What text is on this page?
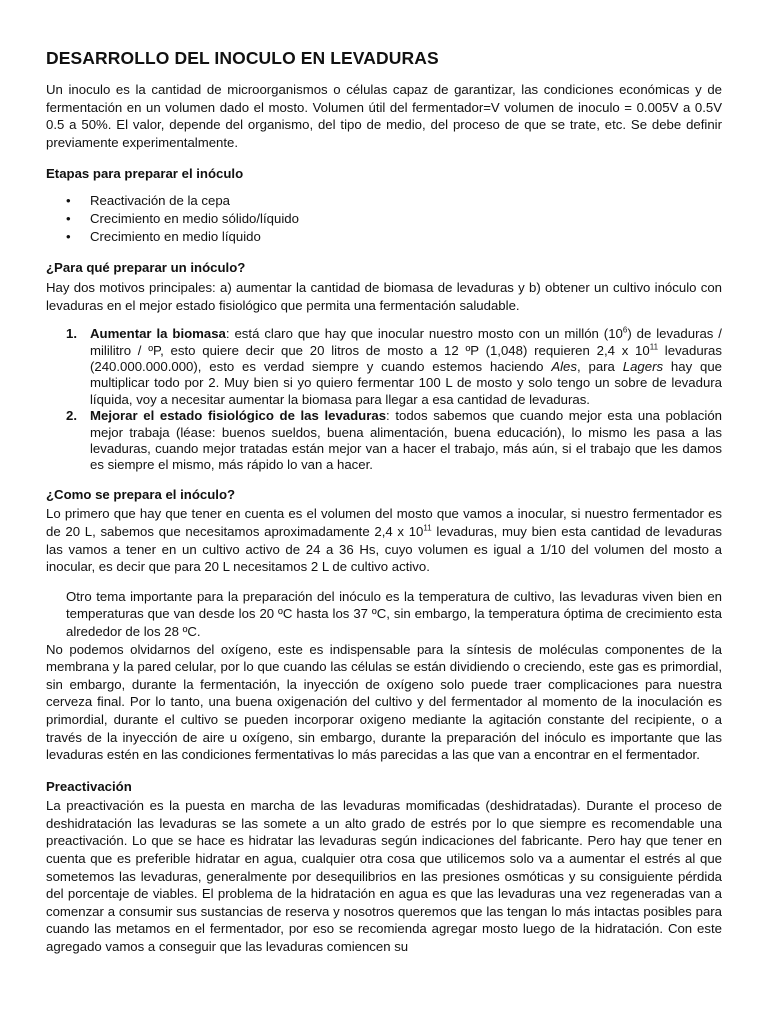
DESARROLLO DEL INOCULO EN LEVADURAS

Un inoculo es la cantidad de microorganismos o células capaz de garantizar, las condiciones económicas y de fermentación en un volumen dado el mosto. Volumen útil del fermentador=V volumen de inoculo = 0.005V a 0.5V 0.5 a 50%. El valor, depende del organismo, del tipo de medio, del proceso de que se trate, etc. Se debe definir previamente experimentalmente.

Etapas para preparar el inóculo
• Reactivación de la cepa
• Crecimiento en medio sólido/líquido
• Crecimiento en medio líquido
¿Para qué preparar un inóculo?

Hay dos motivos principales: a) aumentar la cantidad de biomasa de levaduras y b) obtener un cultivo inóculo con levaduras en el mejor estado fisiológico que permita una fermentación saludable.

1. Aumentar la biomasa: está claro que hay que inocular nuestro mosto con un millón $(10^6)$ de levaduras / mililitro / ºP, esto quiere decir que 20 litros de mosto a 12 ºP (1,048) requieren 2,4 x $10^{11}$ levaduras (240.000.000.000), esto es verdad siempre y cuando estemos haciendo Ales, para Lagers hay que multiplicar todo por 2. Muy bien si yo quiero fermentar 100 L de mosto y solo tengo un sobre de levadura líquida, voy a necesitar aumentar la biomasa para llegar a esa cantidad de levaduras.
2. Mejorar el estado fisiológico de las levaduras: todos sabemos que cuando mejor esta una población mejor trabaja (léase: buenos sueldos, buena alimentación, buena educación), lo mismo les pasa a las levaduras, cuando mejor tratadas están mejor van a hacer el trabajo, más aún, si el trabajo que les damos es siempre el mismo, más rápido lo van a hacer.
¿Como se prepara el inóculo?

Lo primero que hay que tener en cuenta es el volumen del mosto que vamos a inocular, si nuestro fermentador es de 20 L, sabemos que necesitamos aproximadamente 2,4 x $10^{11}$ levaduras, muy bien esta cantidad de levaduras las vamos a tener en un cultivo activo de 24 a 36 Hs, cuyo volumen es igual a 1/10 del volumen del mosto a inocular, es decir que para 20 L necesitamos 2 L de cultivo activo.

Otro tema importante para la preparación del inóculo es la temperatura de cultivo, las levaduras viven bien en temperaturas que van desde los 20 ºC hasta los 37 ºC, sin embargo, la temperatura óptima de crecimiento esta alrededor de los 28 ºC.

No podemos olvidarnos del oxígeno, este es indispensable para la síntesis de moléculas componentes de la membrana y la pared celular, por lo que cuando las células se están dividiendo o creciendo, este gas es primordial, sin embargo, durante la fermentación, la inyección de oxígeno solo puede traer complicaciones para nuestra cerveza final. Por lo tanto, una buena oxigenación del cultivo y del fermentador al momento de la inoculación es primordial, durante el cultivo se pueden incorporar oxigeno mediante la agitación constante del recipiente, o a través de la inyección de aire u oxígeno, sin embargo, durante la preparación del inóculo es importante que las levaduras estén en las condiciones fermentativas lo más parecidas a las que van a encontrar en el fermentador.

Preactivación

La preactivación es la puesta en marcha de las levaduras momificadas (deshidratadas). Durante el proceso de deshidratación las levaduras se las somete a un alto grado de estrés por lo que siempre es recomendable una preactivación. Lo que se hace es hidratar las levaduras según indicaciones del fabricante. Pero hay que tener en cuenta que es preferible hidratar en agua, cualquier otra cosa que utilicemos solo va a aumentar el estrés al que sometemos las levaduras, generalmente por desequilibrios en las presiones osmóticas y su consiguiente pérdida del porcentaje de viables. El problema de la hidratación en agua es que las levaduras una vez regeneradas van a comenzar a consumir sus sustancias de reserva y nosotros queremos que las tengan lo más intactas posibles para cuando las metamos en el fermentador, por eso se recomienda agregar mosto luego de la hidratación. Con este agregado vamos a conseguir que las levaduras comiencen su
